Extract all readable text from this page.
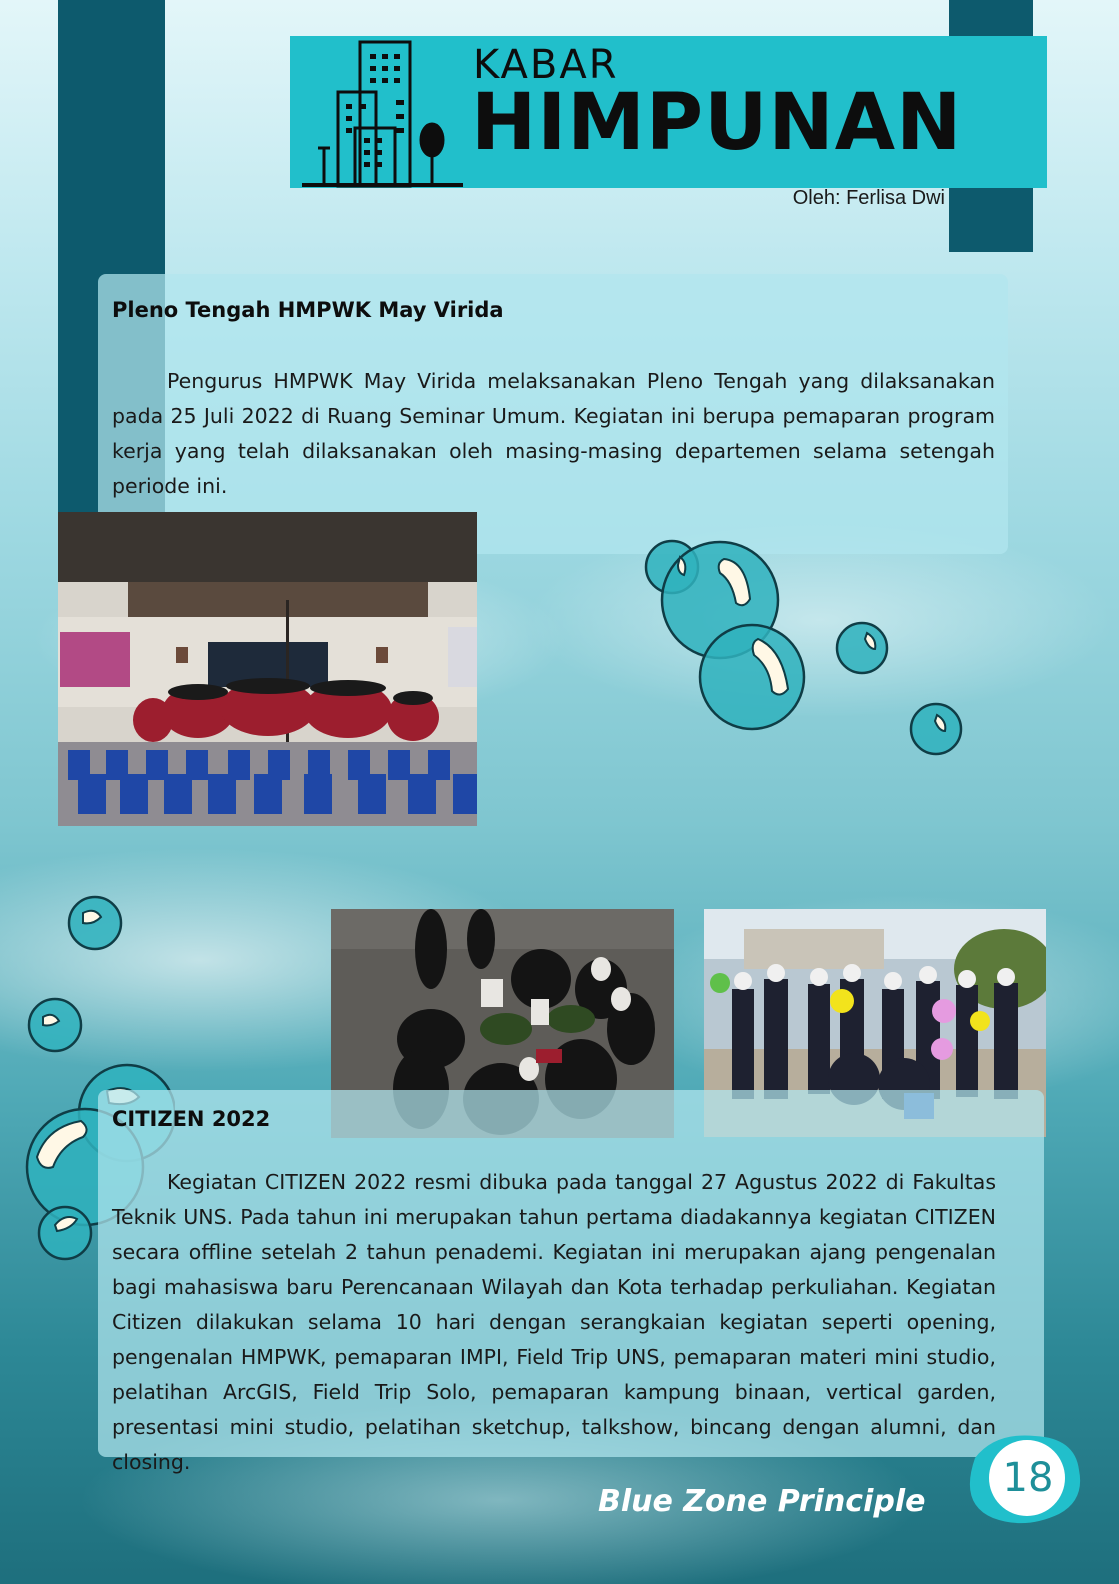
KABAR
HIMPUNAN
Oleh: Ferlisa Dwi
Pleno Tengah HMPWK May Virida

Pengurus HMPWK May Virida melaksanakan Pleno Tengah yang dilaksanakan pada 25 Juli 2022 di Ruang Seminar Umum. Kegiatan ini berupa pemaparan program kerja yang telah dilaksanakan oleh masing-masing departemen selama setengah periode ini.

CITIZEN 2022

Kegiatan CITIZEN 2022 resmi dibuka pada tanggal 27 Agustus 2022 di Fakultas Teknik UNS. Pada tahun ini merupakan tahun pertama diadakannya kegiatan CITIZEN secara offline setelah 2 tahun penademi. Kegiatan ini merupakan ajang pengenalan bagi mahasiswa baru Perencanaan Wilayah dan Kota terhadap perkuliahan. Kegiatan Citizen dilakukan selama 10 hari dengan serangkaian kegiatan seperti opening, pengenalan HMPWK, pemaparan IMPI, Field Trip UNS, pemaparan materi mini studio, pelatihan ArcGIS, Field Trip Solo, pemaparan kampung binaan, vertical garden, presentasi mini studio, pelatihan sketchup, talkshow, bincang dengan alumni, dan closing.

Blue Zone Principle
18
